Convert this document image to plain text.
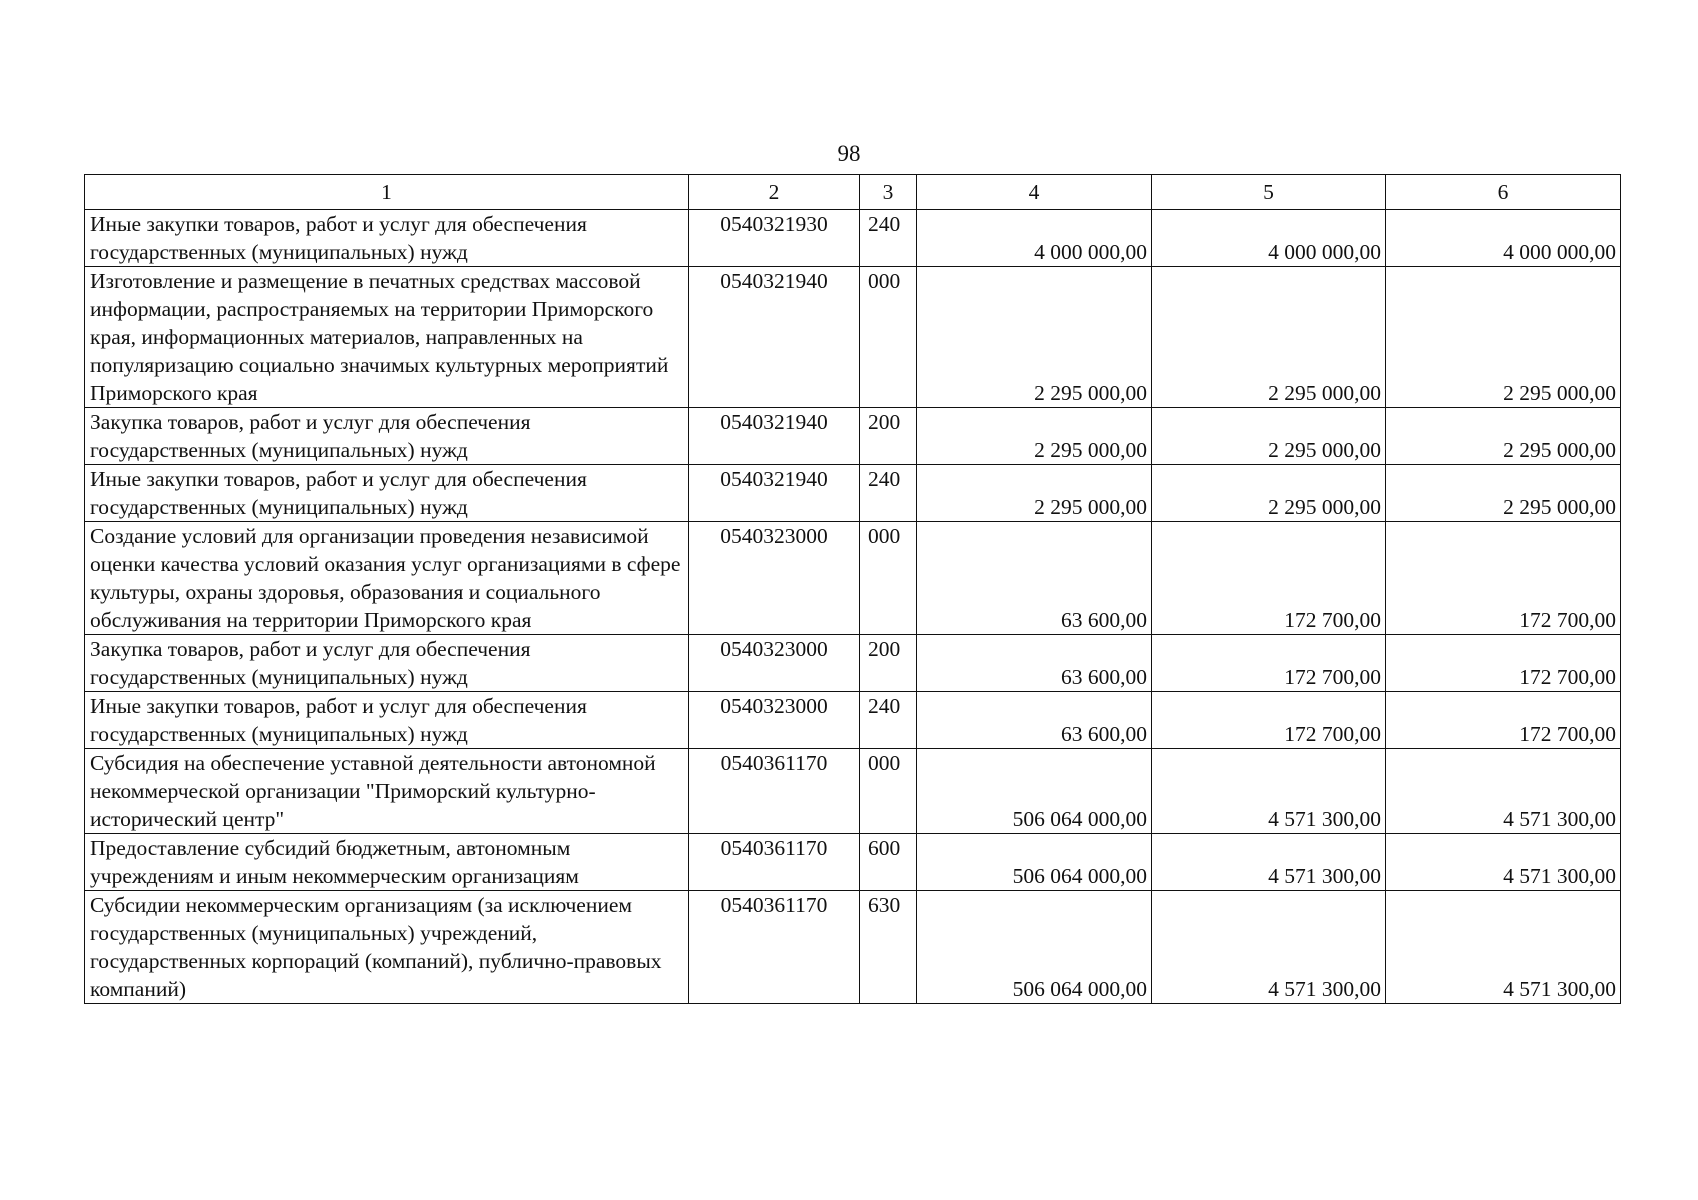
98
1	2	3	4	5	6
Иные закупки товаров, работ и услуг для обеспечения государственных (муниципальных) нужд	0540321930	240	4 000 000,00	4 000 000,00	4 000 000,00
Изготовление и размещение в печатных средствах массовой информации, распространяемых на территории Приморского края, информационных материалов, направленных на популяризацию социально значимых культурных мероприятий Приморского края	0540321940	000	2 295 000,00	2 295 000,00	2 295 000,00
Закупка товаров, работ и услуг для обеспечения государственных (муниципальных) нужд	0540321940	200	2 295 000,00	2 295 000,00	2 295 000,00
Иные закупки товаров, работ и услуг для обеспечения государственных (муниципальных) нужд	0540321940	240	2 295 000,00	2 295 000,00	2 295 000,00
Создание условий для организации проведения независимой оценки качества условий оказания услуг организациями в сфере культуры, охраны здоровья, образования и социального обслуживания на территории Приморского края	0540323000	000	63 600,00	172 700,00	172 700,00
Закупка товаров, работ и услуг для обеспечения государственных (муниципальных) нужд	0540323000	200	63 600,00	172 700,00	172 700,00
Иные закупки товаров, работ и услуг для обеспечения государственных (муниципальных) нужд	0540323000	240	63 600,00	172 700,00	172 700,00
Субсидия на обеспечение уставной деятельности автономной некоммерческой организации "Приморский культурно-исторический центр"	0540361170	000	506 064 000,00	4 571 300,00	4 571 300,00
Предоставление субсидий бюджетным, автономным учреждениям и иным некоммерческим организациям	0540361170	600	506 064 000,00	4 571 300,00	4 571 300,00
Субсидии некоммерческим организациям (за исключением государственных (муниципальных) учреждений, государственных корпораций (компаний), публично-правовых компаний)	0540361170	630	506 064 000,00	4 571 300,00	4 571 300,00
